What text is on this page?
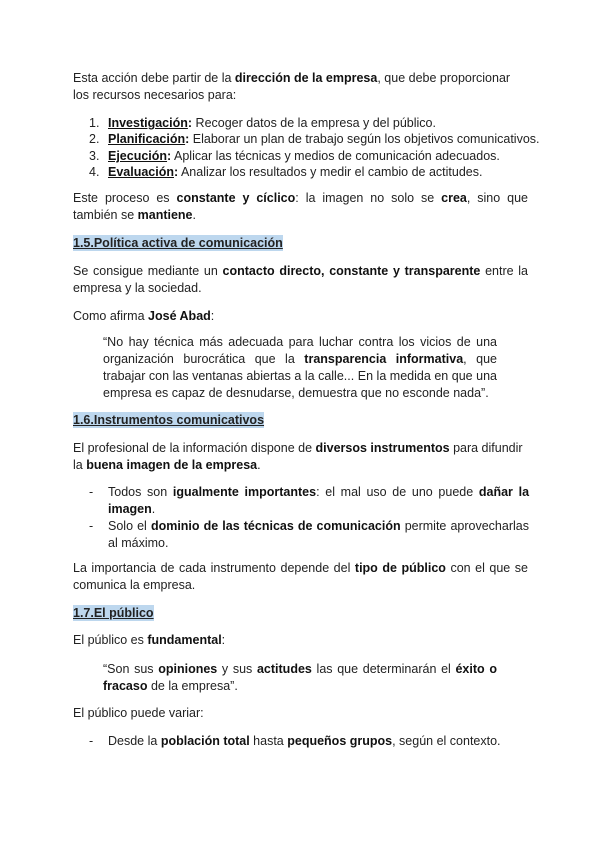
Esta acción debe partir de la dirección de la empresa, que debe proporcionar los recursos necesarios para:

1. Investigación: Recoger datos de la empresa y del público.
2. Planificación: Elaborar un plan de trabajo según los objetivos comunicativos.
3. Ejecución: Aplicar las técnicas y medios de comunicación adecuados.
4. Evaluación: Analizar los resultados y medir el cambio de actitudes.

Este proceso es constante y cíclico: la imagen no solo se crea, sino que también se mantiene.

1.5.Política activa de comunicación

Se consigue mediante un contacto directo, constante y transparente entre la empresa y la sociedad.

Como afirma José Abad:

“No hay técnica más adecuada para luchar contra los vicios de una organización burocrática que la transparencia informativa, que trabajar con las ventanas abiertas a la calle... En la medida en que una empresa es capaz de desnudarse, demuestra que no esconde nada”.

1.6.Instrumentos comunicativos

El profesional de la información dispone de diversos instrumentos para difundir la buena imagen de la empresa.

- Todos son igualmente importantes: el mal uso de uno puede dañar la imagen.
- Solo el dominio de las técnicas de comunicación permite aprovecharlas al máximo.

La importancia de cada instrumento depende del tipo de público con el que se comunica la empresa.

1.7.El público

El público es fundamental:

“Son sus opiniones y sus actitudes las que determinarán el éxito o fracaso de la empresa”.

El público puede variar:

- Desde la población total hasta pequeños grupos, según el contexto.
